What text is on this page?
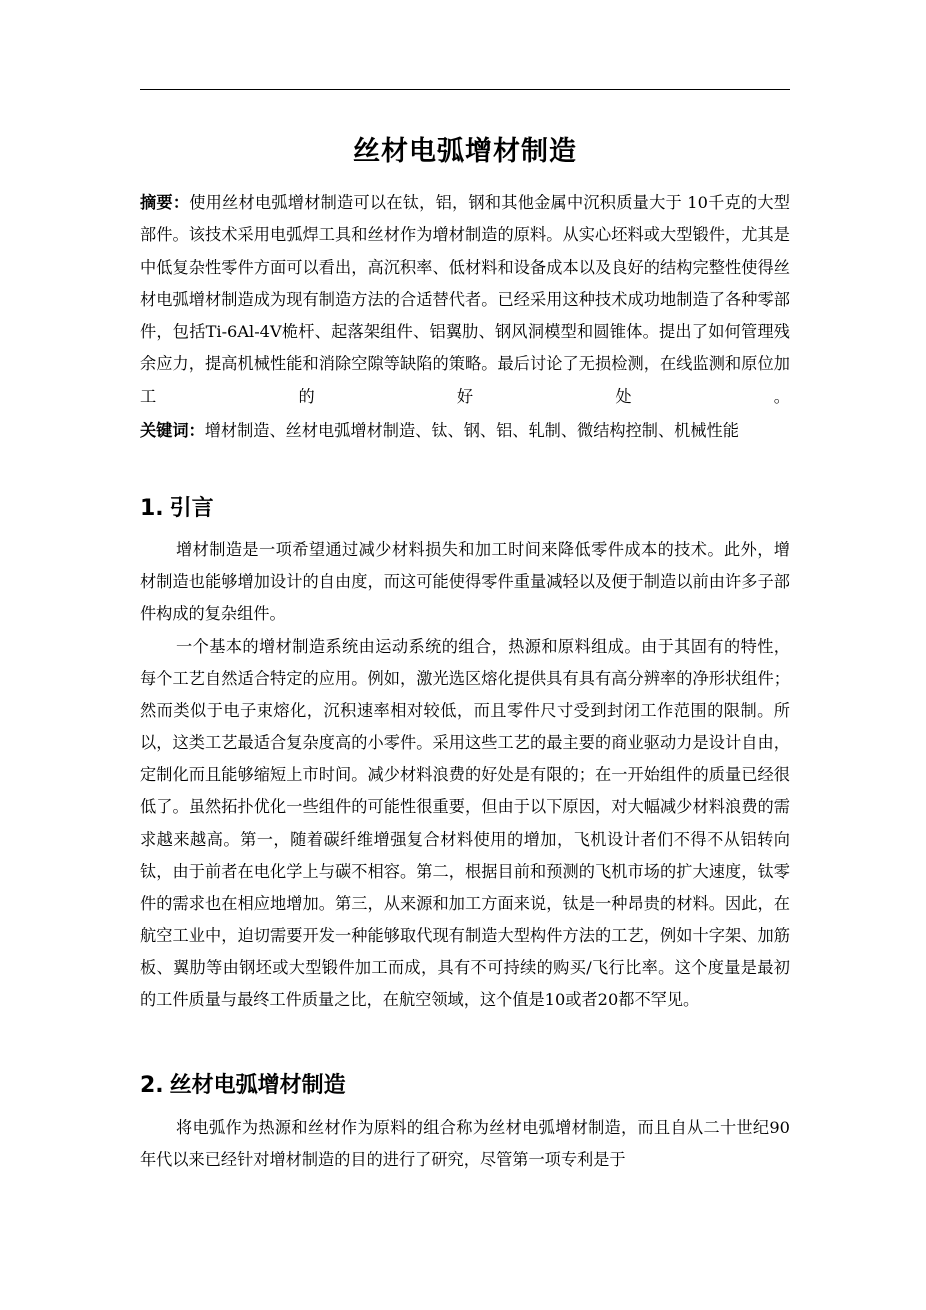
丝材电弧增材制造

摘要：使用丝材电弧增材制造可以在钛，铝，钢和其他金属中沉积质量大于 10千克的大型部件。该技术采用电弧焊工具和丝材作为增材制造的原料。从实心坯料或大型锻件，尤其是中低复杂性零件方面可以看出，高沉积率、低材料和设备成本以及良好的结构完整性使得丝材电弧增材制造成为现有制造方法的合适替代者。已经采用这种技术成功地制造了各种零部件，包括Ti-6Al-4V桅杆、起落架组件、铝翼肋、钢风洞模型和圆锥体。提出了如何管理残余应力，提高机械性能和消除空隙等缺陷的策略。最后讨论了无损检测，在线监测和原位加工的好处。

关键词：增材制造、丝材电弧增材制造、钛、钢、铝、轧制、微结构控制、机械性能

1. 引言

增材制造是一项希望通过减少材料损失和加工时间来降低零件成本的技术。此外，增材制造也能够增加设计的自由度，而这可能使得零件重量减轻以及便于制造以前由许多子部件构成的复杂组件。

一个基本的增材制造系统由运动系统的组合，热源和原料组成。由于其固有的特性，每个工艺自然适合特定的应用。例如，激光选区熔化提供具有具有高分辨率的净形状组件；然而类似于电子束熔化，沉积速率相对较低，而且零件尺寸受到封闭工作范围的限制。所以，这类工艺最适合复杂度高的小零件。采用这些工艺的最主要的商业驱动力是设计自由，定制化而且能够缩短上市时间。减少材料浪费的好处是有限的；在一开始组件的质量已经很低了。虽然拓扑优化一些组件的可能性很重要，但由于以下原因，对大幅减少材料浪费的需求越来越高。第一，随着碳纤维增强复合材料使用的增加，飞机设计者们不得不从铝转向钛，由于前者在电化学上与碳不相容。第二，根据目前和预测的飞机市场的扩大速度，钛零件的需求也在相应地增加。第三，从来源和加工方面来说，钛是一种昂贵的材料。因此，在航空工业中，迫切需要开发一种能够取代现有制造大型构件方法的工艺，例如十字架、加筋板、翼肋等由钢坯或大型锻件加工而成，具有不可持续的购买/飞行比率。这个度量是最初的工件质量与最终工件质量之比，在航空领域，这个值是10或者20都不罕见。

2. 丝材电弧增材制造

将电弧作为热源和丝材作为原料的组合称为丝材电弧增材制造，而且自从二十世纪90年代以来已经针对增材制造的目的进行了研究，尽管第一项专利是于
